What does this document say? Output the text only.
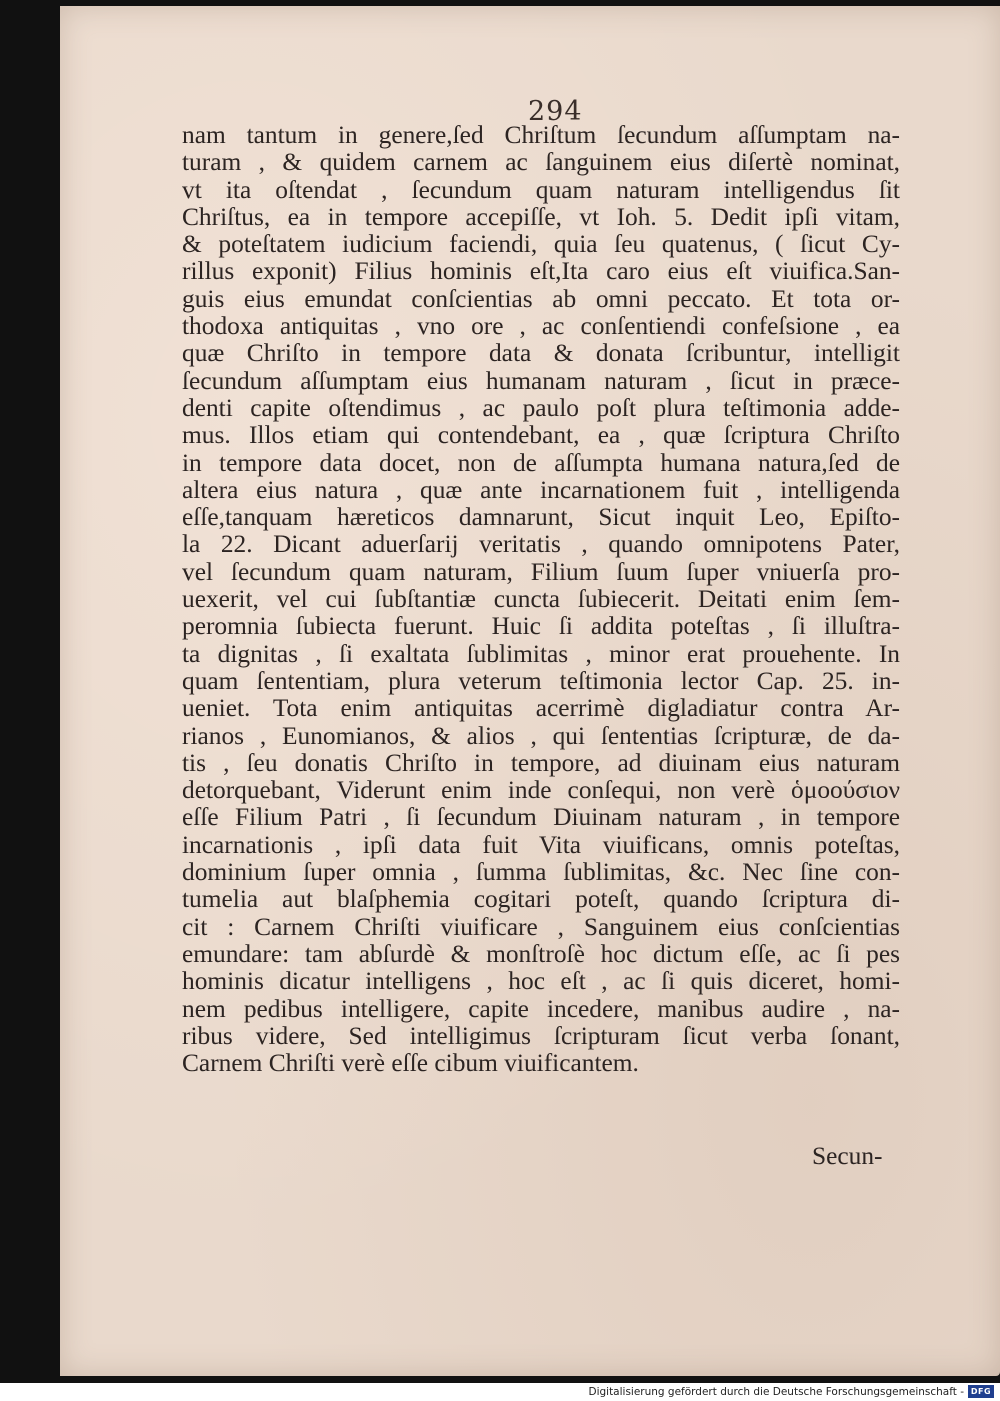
294
nam tantum in genere,ſed Chriſtum ſecundum aſſumptam na-
turam , & quidem carnem ac ſanguinem eius diſertè nominat,
vt ita oſtendat , ſecundum quam naturam intelligendus ſit
Chriſtus, ea in tempore accepiſſe, vt Ioh. 5. Dedit ipſi vitam,
& poteſtatem iudicium faciendi, quia ſeu quatenus, ( ſicut Cy-
rillus exponit) Filius hominis eſt,Ita caro eius eſt viuifica.San-
guis eius emundat conſcientias ab omni peccato. Et tota or-
thodoxa antiquitas , vno ore , ac conſentiendi confeſsione , ea
quæ Chriſto in tempore data & donata ſcribuntur, intelligit
ſecundum aſſumptam eius humanam naturam , ſicut in præce-
denti capite oſtendimus , ac paulo poſt plura teſtimonia adde-
mus. Illos etiam qui contendebant, ea , quæ ſcriptura Chriſto
in tempore data docet, non de aſſumpta humana natura,ſed de
altera eius natura , quæ ante incarnationem fuit , intelligenda
eſſe,tanquam hæreticos damnarunt, Sicut inquit Leo, Epiſto-
la 22. Dicant aduerſarij veritatis , quando omnipotens Pater,
vel ſecundum quam naturam, Filium ſuum ſuper vniuerſa pro-
uexerit, vel cui ſubſtantiæ cuncta ſubiecerit. Deitati enim ſem-
peromnia ſubiecta fuerunt. Huic ſi addita poteſtas , ſi illuſtra-
ta dignitas , ſi exaltata ſublimitas , minor erat prouehente. In
quam ſententiam, plura veterum teſtimonia lector Cap. 25. in-
ueniet. Tota enim antiquitas acerrimè digladiatur contra Ar-
rianos , Eunomianos, & alios , qui ſententias ſcripturæ, de da-
tis , ſeu donatis Chriſto in tempore, ad diuinam eius naturam
detorquebant, Viderunt enim inde conſequi, non verè ὁμοούσιον
eſſe Filium Patri , ſi ſecundum Diuinam naturam , in tempore
incarnationis , ipſi data fuit Vita viuificans, omnis poteſtas,
dominium ſuper omnia , ſumma ſublimitas, &c. Nec ſine con-
tumelia aut blaſphemia cogitari poteſt, quando ſcriptura di-
cit : Carnem Chriſti viuificare , Sanguinem eius conſcientias
emundare: tam abſurdè & monſtroſè hoc dictum eſſe, ac ſi pes
hominis dicatur intelligens , hoc eſt , ac ſi quis diceret, homi-
nem pedibus intelligere, capite incedere, manibus audire , na-
ribus videre, Sed intelligimus ſcripturam ſicut verba ſonant,
Carnem Chriſti verè eſſe cibum viuificantem.
Secun-
Digitalisierung gefördert durch die Deutsche Forschungsgemeinschaft - DFG
